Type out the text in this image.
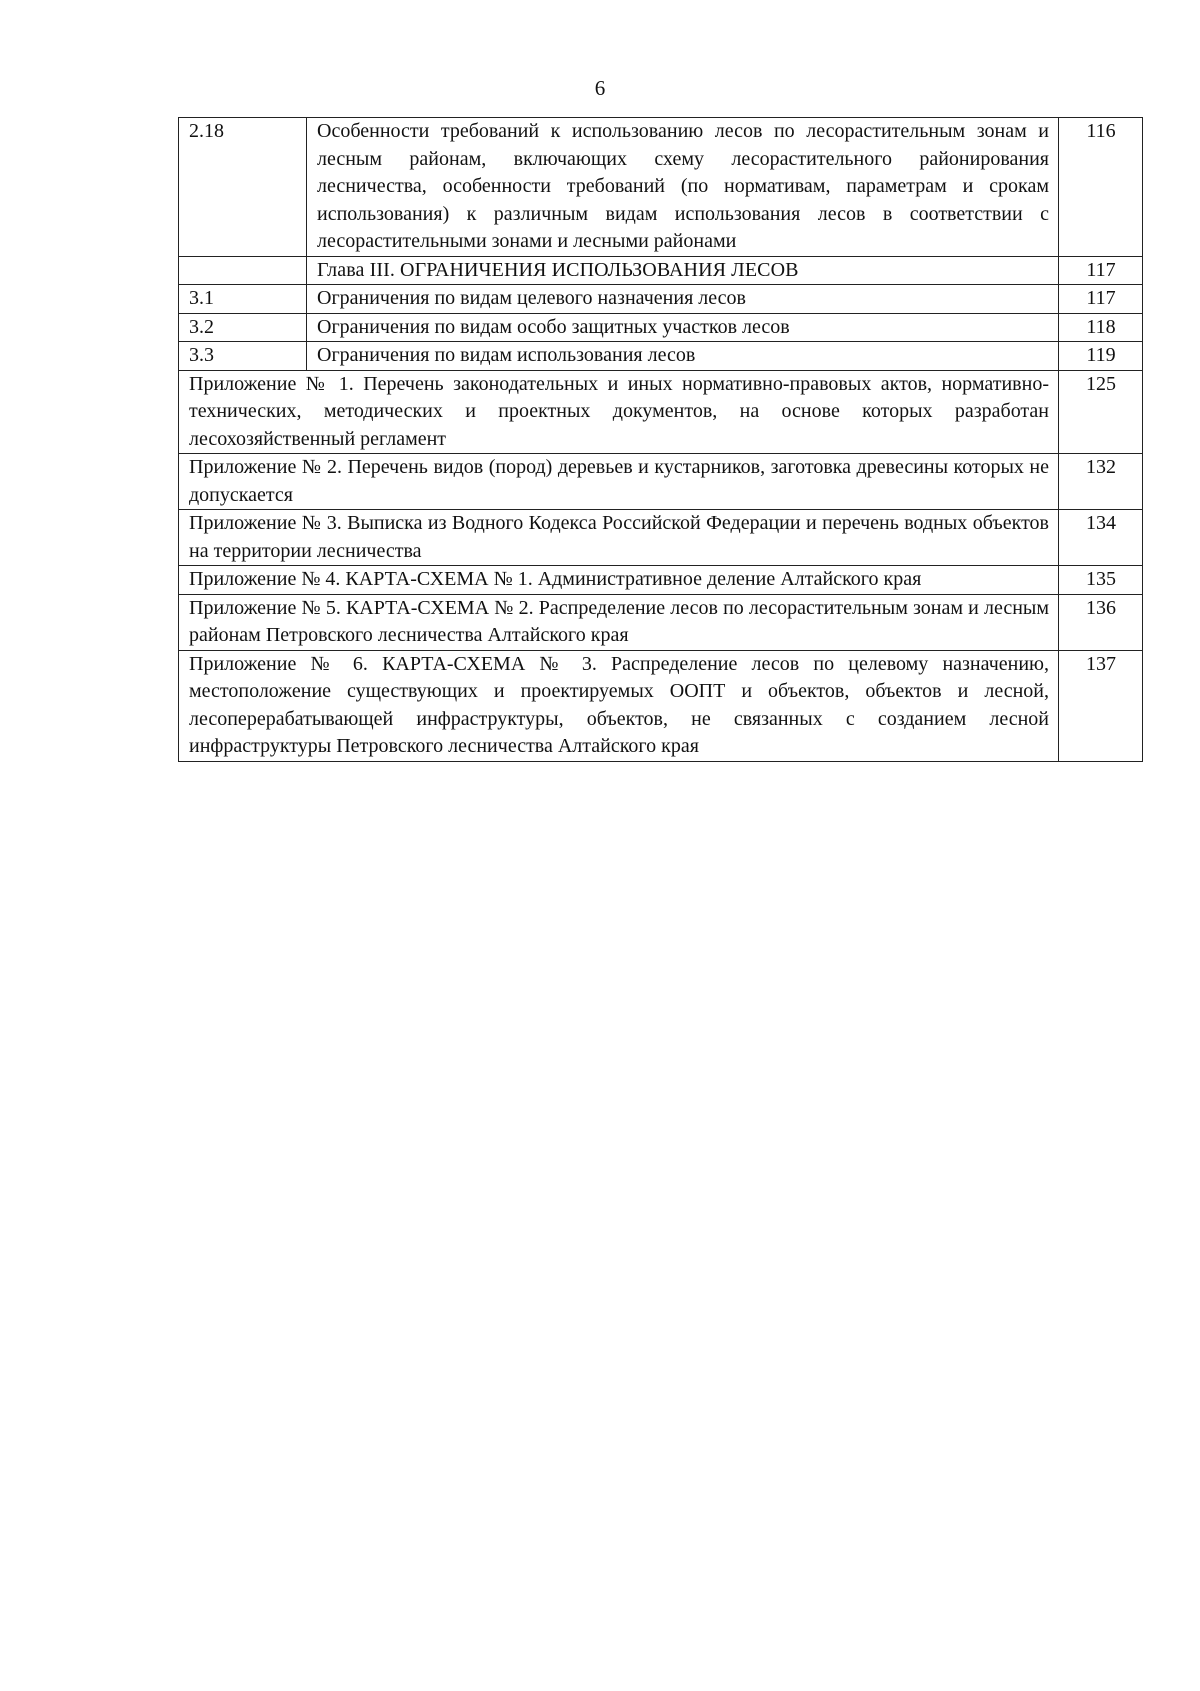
6
2.18	Особенности требований к использованию лесов по лесорастительным зонам и лесным районам, включающих схему лесорастительного районирования лесничества, особенности требований (по нормативам, параметрам и срокам использования) к различным видам использования лесов в соответствии с лесорастительными зонами и лесными районами	116
	Глава III. ОГРАНИЧЕНИЯ ИСПОЛЬЗОВАНИЯ ЛЕСОВ	117
3.1	Ограничения по видам целевого назначения лесов	117
3.2	Ограничения по видам особо защитных участков лесов	118
3.3	Ограничения по видам использования лесов	119
Приложение № 1. Перечень законодательных и иных нормативно-правовых актов, нормативно-технических, методических и проектных документов, на основе которых разработан лесохозяйственный регламент		125
Приложение № 2. Перечень видов (пород) деревьев и кустарников, заготовка древесины которых не допускается		132
Приложение № 3. Выписка из Водного Кодекса Российской Федерации и перечень водных объектов на территории лесничества		134
Приложение № 4. КАРТА-СХЕМА № 1. Административное деление Алтайского края		135
Приложение № 5. КАРТА-СХЕМА № 2. Распределение лесов по лесорастительным зонам и лесным районам Петровского лесничества Алтайского края		136
Приложение № 6. КАРТА-СХЕМА № 3. Распределение лесов по целевому назначению, местоположение существующих и проектируемых ООПТ и объектов, объектов и лесной, лесоперерабатывающей инфраструктуры, объектов, не связанных с созданием лесной инфраструктуры Петровского лесничества Алтайского края		137
